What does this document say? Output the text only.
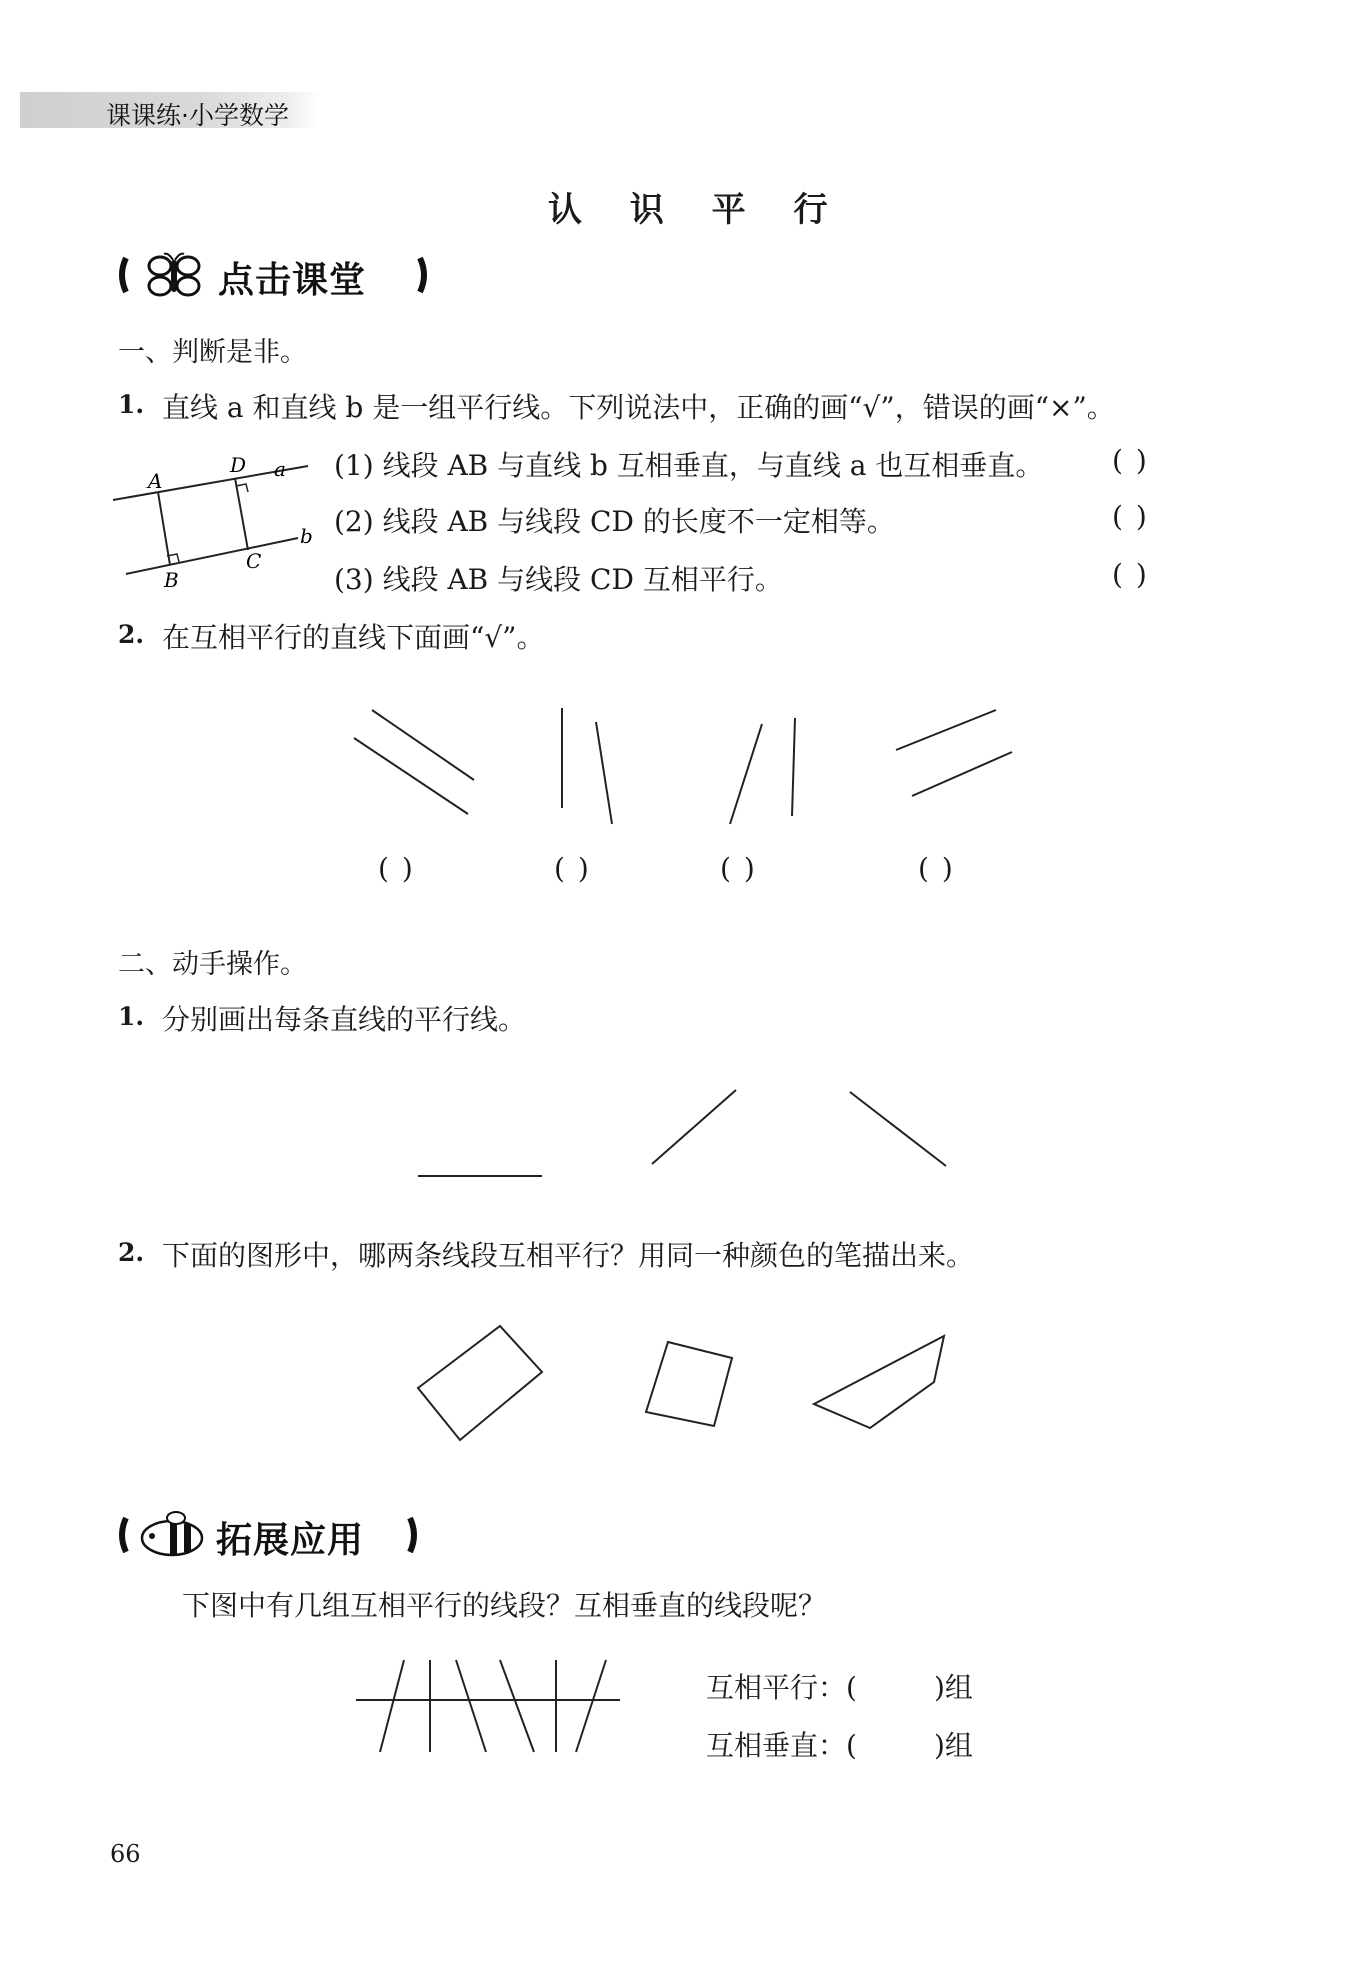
课课练·小学数学
认 识 平 行
点击课堂
一、判断是非。
1. 直线 a 和直线 b 是一组平行线。下列说法中，正确的画“√”，错误的画“×”。
A
D a
B
C
b
(1) 线段 AB 与直线 b 互相垂直，与直线 a 也互相垂直。 ( )
(2) 线段 AB 与线段 CD 的长度不一定相等。	( )
(3) 线段 AB 与线段 CD 互相平行。	( )
2. 在互相平行的直线下面画“√”。
( )	( )	( )	( )
二、动手操作。
1. 分别画出每条直线的平行线。
2. 下面的图形中，哪两条线段互相平行？用同一种颜色的笔描出来。
拓展应用
下图中有几组互相平行的线段？互相垂直的线段呢？
互相平行：(	)组
互相垂直：(	)组
66
